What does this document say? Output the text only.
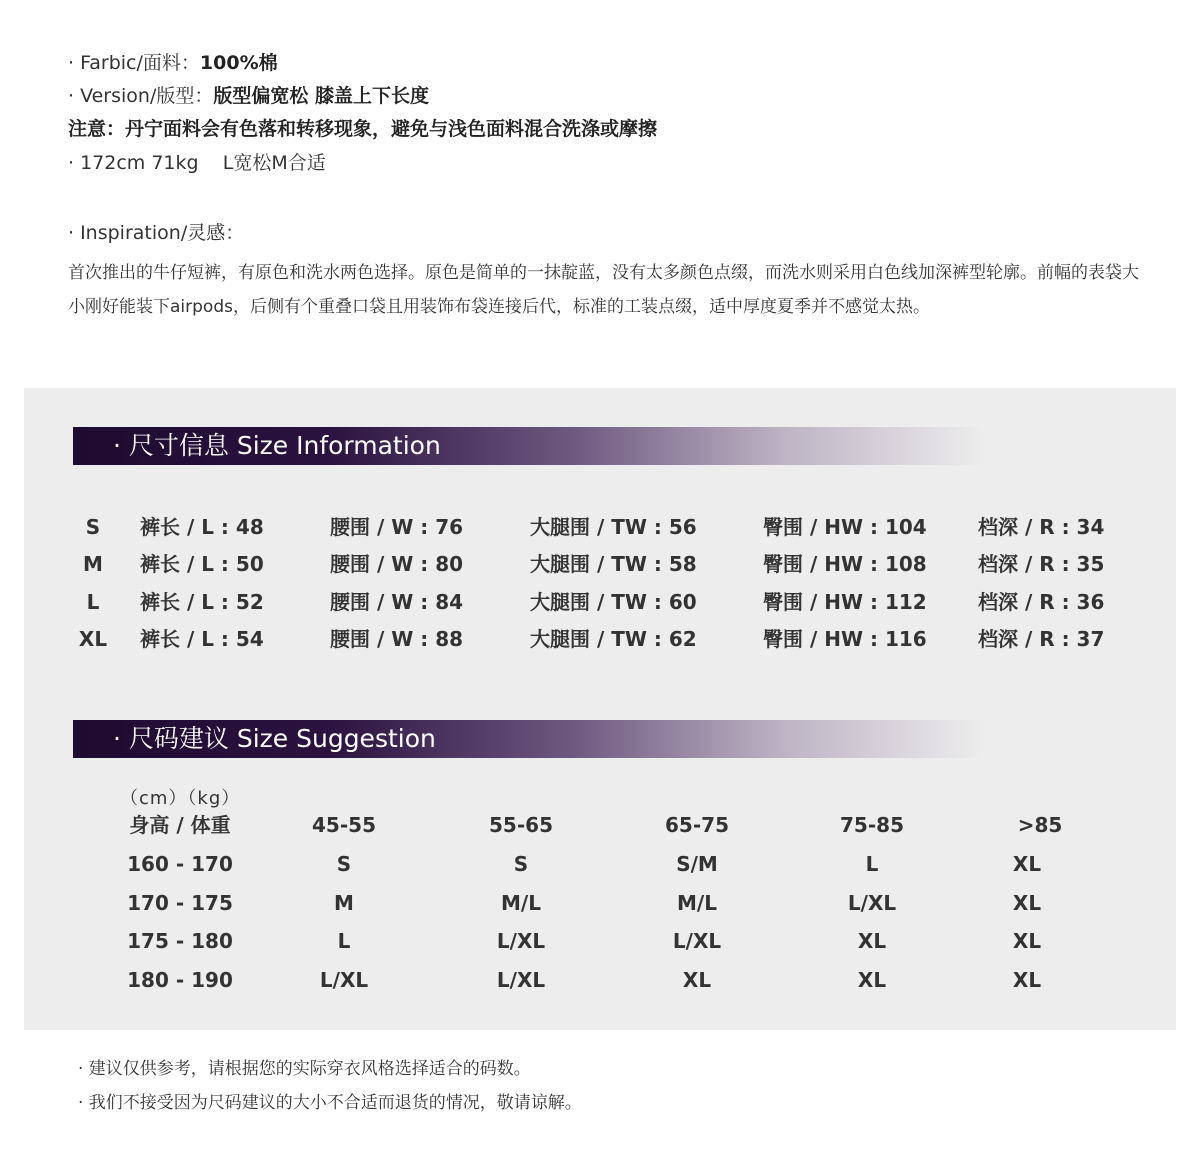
· Farbic/面料：100%棉
· Version/版型：版型偏宽松 膝盖上下长度
注意：丹宁面料会有色落和转移现象，避免与浅色面料混合洗涤或摩擦
· 172cm 71kg    L宽松M合适
· Inspiration/灵感：
首次推出的牛仔短裤，有原色和洗水两色选择。原色是简单的一抹靛蓝，没有太多颜色点缀，而洗水则采用白色线加深裤型轮廓。前幅的表袋大小刚好能装下airpods，后侧有个重叠口袋且用装饰布袋连接后代，标准的工装点缀，适中厚度夏季并不感觉太热。
· 尺寸信息 Size Information
S 裤长 / L : 48	腰围 / W : 76	大腿围 / TW : 56	臀围 / HW : 104	档深 / R : 34
M 裤长 / L : 50	腰围 / W : 80	大腿围 / TW : 58	臀围 / HW : 108	档深 / R : 35
L 裤长 / L : 52	腰围 / W : 84	大腿围 / TW : 60	臀围 / HW : 112	档深 / R : 36
XL 裤长 / L : 54	腰围 / W : 88	大腿围 / TW : 62	臀围 / HW : 116	档深 / R : 37
· 尺码建议 Size Suggestion
（cm）（kg）
身高 / 体重	45-55	55-65	65-75	75-85	>85
160 - 170	S	S	S/M	L	XL
170 - 175	M	M/L	M/L	L/XL	XL
175 - 180	L	L/XL	L/XL	XL	XL
180 - 190	L/XL	L/XL	XL	XL	XL
· 建议仅供参考，请根据您的实际穿衣风格选择适合的码数。
· 我们不接受因为尺码建议的大小不合适而退货的情况，敬请谅解。
